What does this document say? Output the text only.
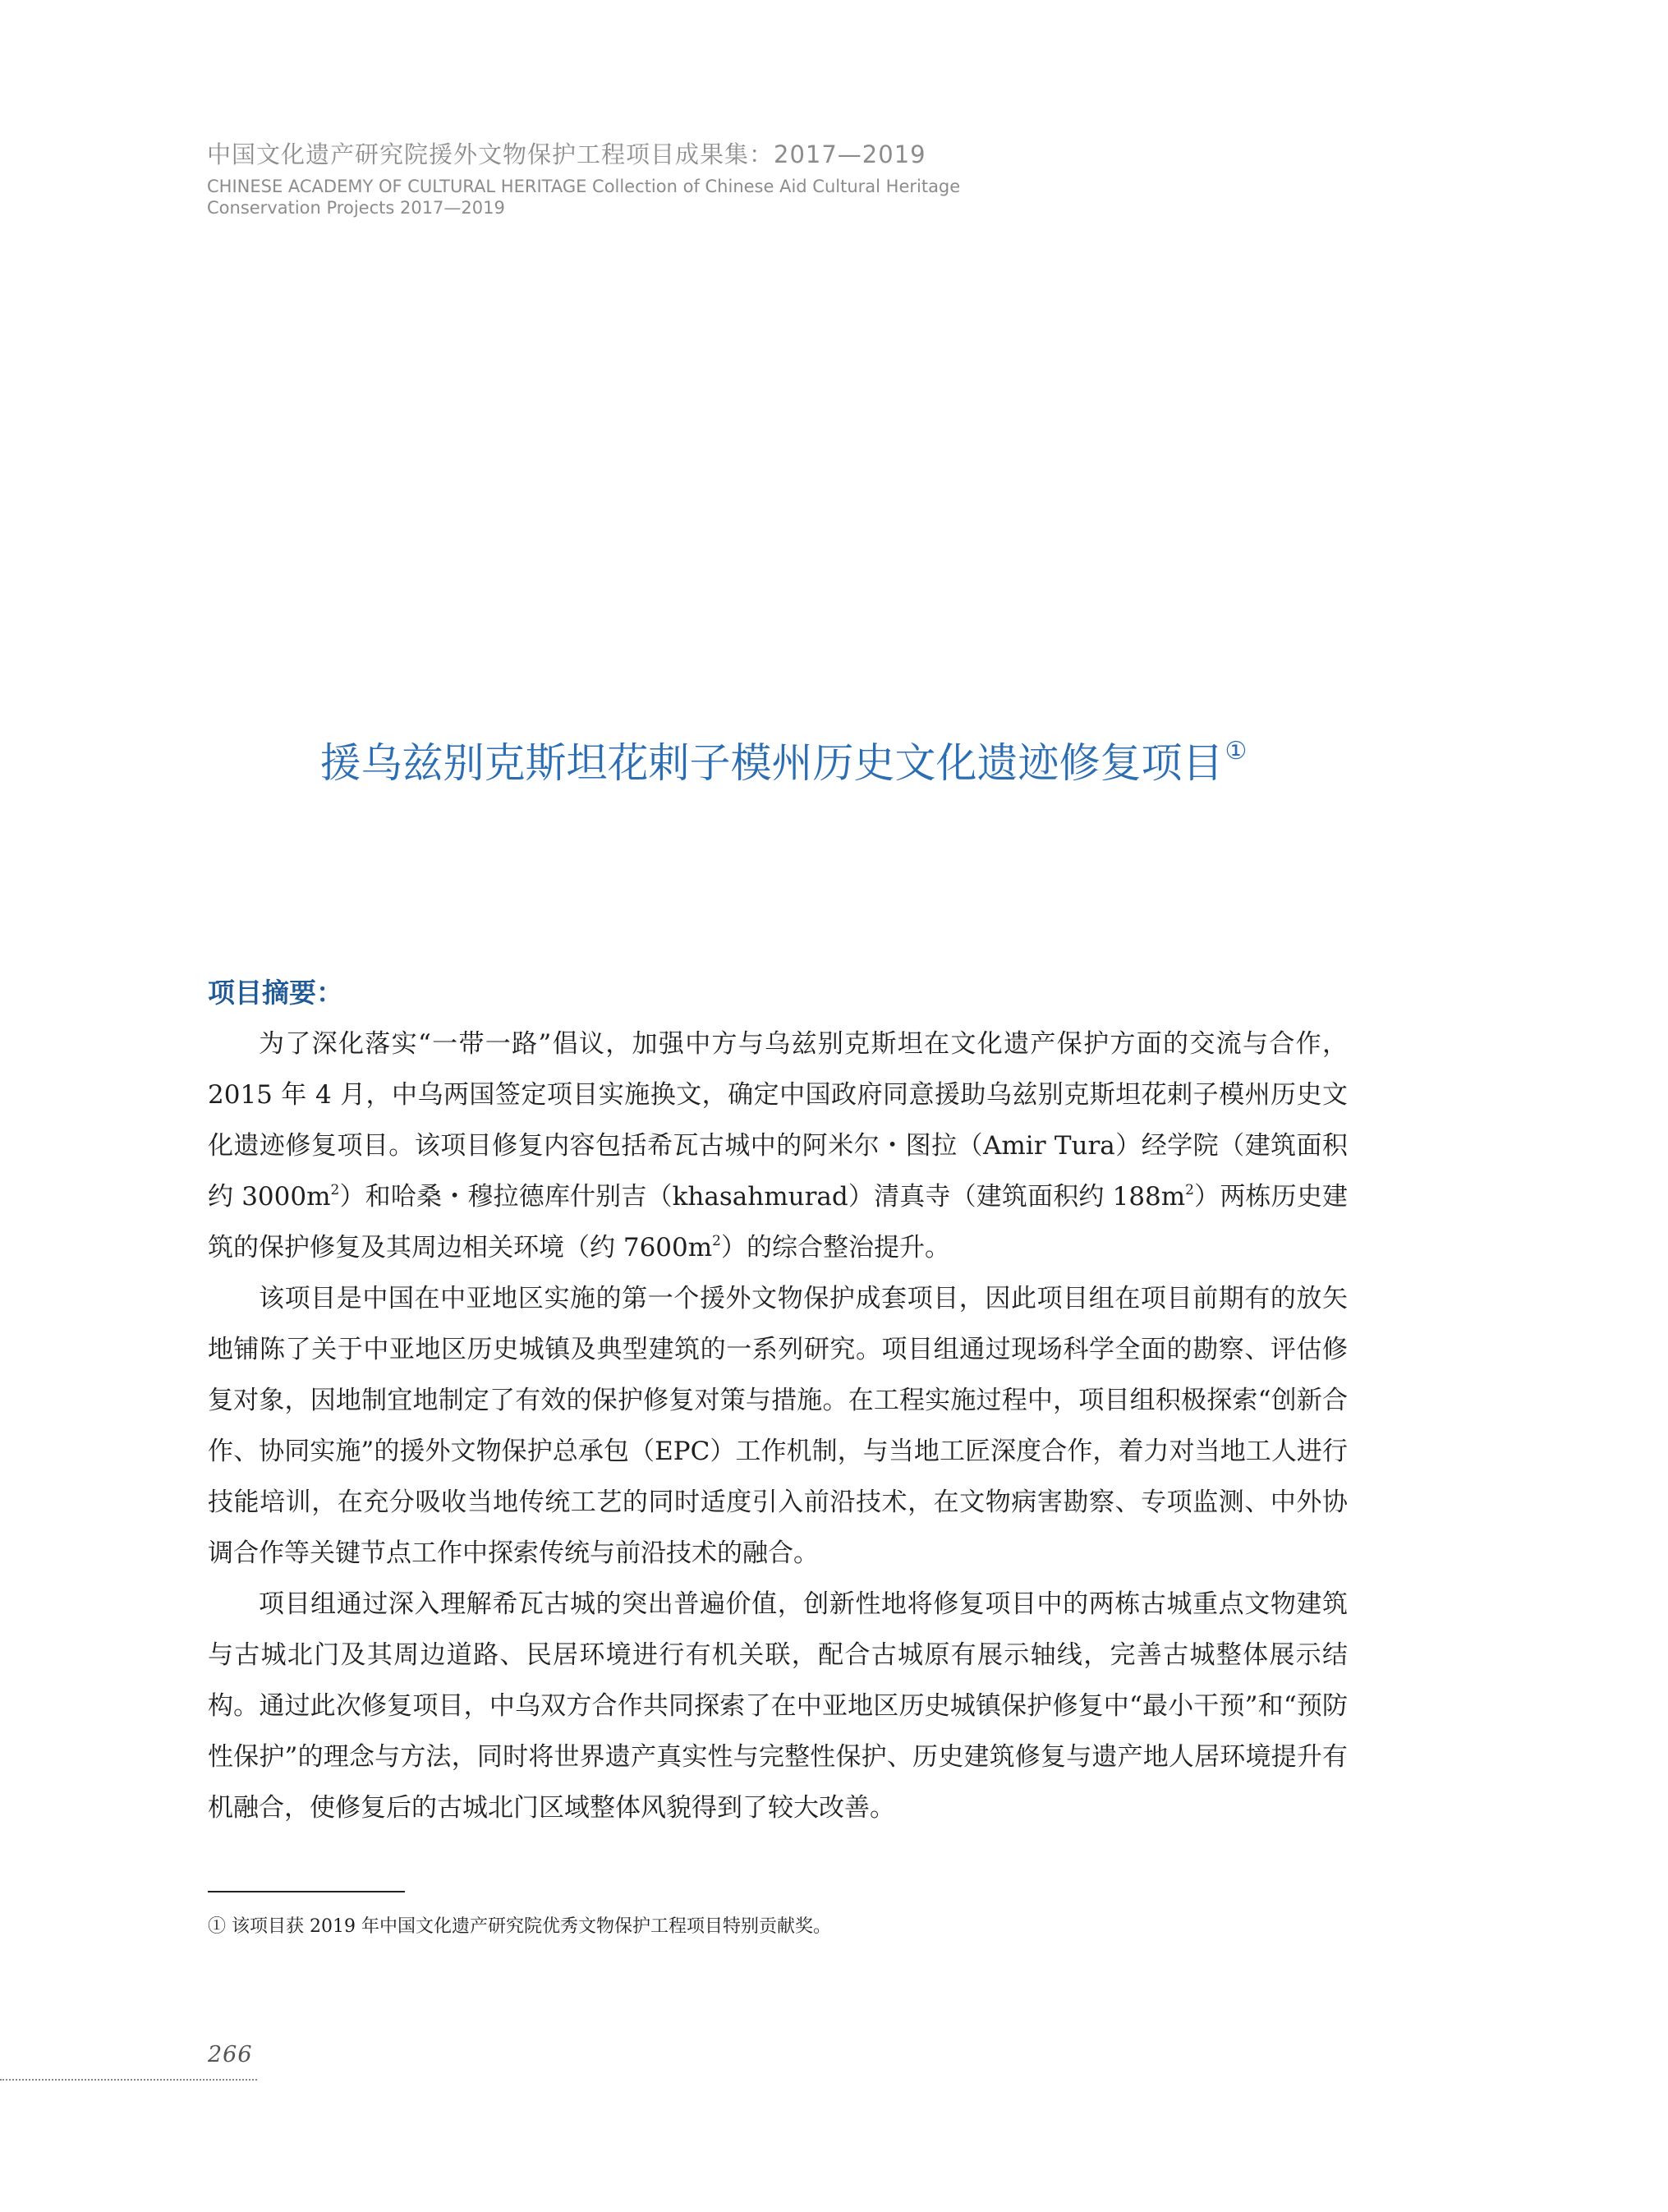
中国文化遗产研究院援外文物保护工程项目成果集：2017—2019
CHINESE ACADEMY OF CULTURAL HERITAGE Collection of Chinese Aid Cultural Heritage Conservation Projects 2017—2019
援乌兹别克斯坦花剌子模州历史文化遗迹修复项目①
项目摘要：

为了深化落实“一带一路”倡议，加强中方与乌兹别克斯坦在文化遗产保护方面的交流与合作，2015 年 4 月，中乌两国签定项目实施换文，确定中国政府同意援助乌兹别克斯坦花剌子模州历史文化遗迹修复项目。该项目修复内容包括希瓦古城中的阿米尔・图拉（Amir Tura）经学院（建筑面积约 $3000m^2$）和哈桑・穆拉德库什别吉（khasahmurad）清真寺（建筑面积约 $188m^2$）两栋历史建筑的保护修复及其周边相关环境（约 $7600m^2$）的综合整治提升。

该项目是中国在中亚地区实施的第一个援外文物保护成套项目，因此项目组在项目前期有的放矢地铺陈了关于中亚地区历史城镇及典型建筑的一系列研究。项目组通过现场科学全面的勘察、评估修复对象，因地制宜地制定了有效的保护修复对策与措施。在工程实施过程中，项目组积极探索“创新合作、协同实施”的援外文物保护总承包（EPC）工作机制，与当地工匠深度合作，着力对当地工人进行技能培训，在充分吸收当地传统工艺的同时适度引入前沿技术，在文物病害勘察、专项监测、中外协调合作等关键节点工作中探索传统与前沿技术的融合。

项目组通过深入理解希瓦古城的突出普遍价值，创新性地将修复项目中的两栋古城重点文物建筑与古城北门及其周边道路、民居环境进行有机关联，配合古城原有展示轴线，完善古城整体展示结构。通过此次修复项目，中乌双方合作共同探索了在中亚地区历史城镇保护修复中“最小干预”和“预防性保护”的理念与方法，同时将世界遗产真实性与完整性保护、历史建筑修复与遗产地人居环境提升有机融合，使修复后的古城北门区域整体风貌得到了较大改善。

① 该项目获 2019 年中国文化遗产研究院优秀文物保护工程项目特别贡献奖。
266
